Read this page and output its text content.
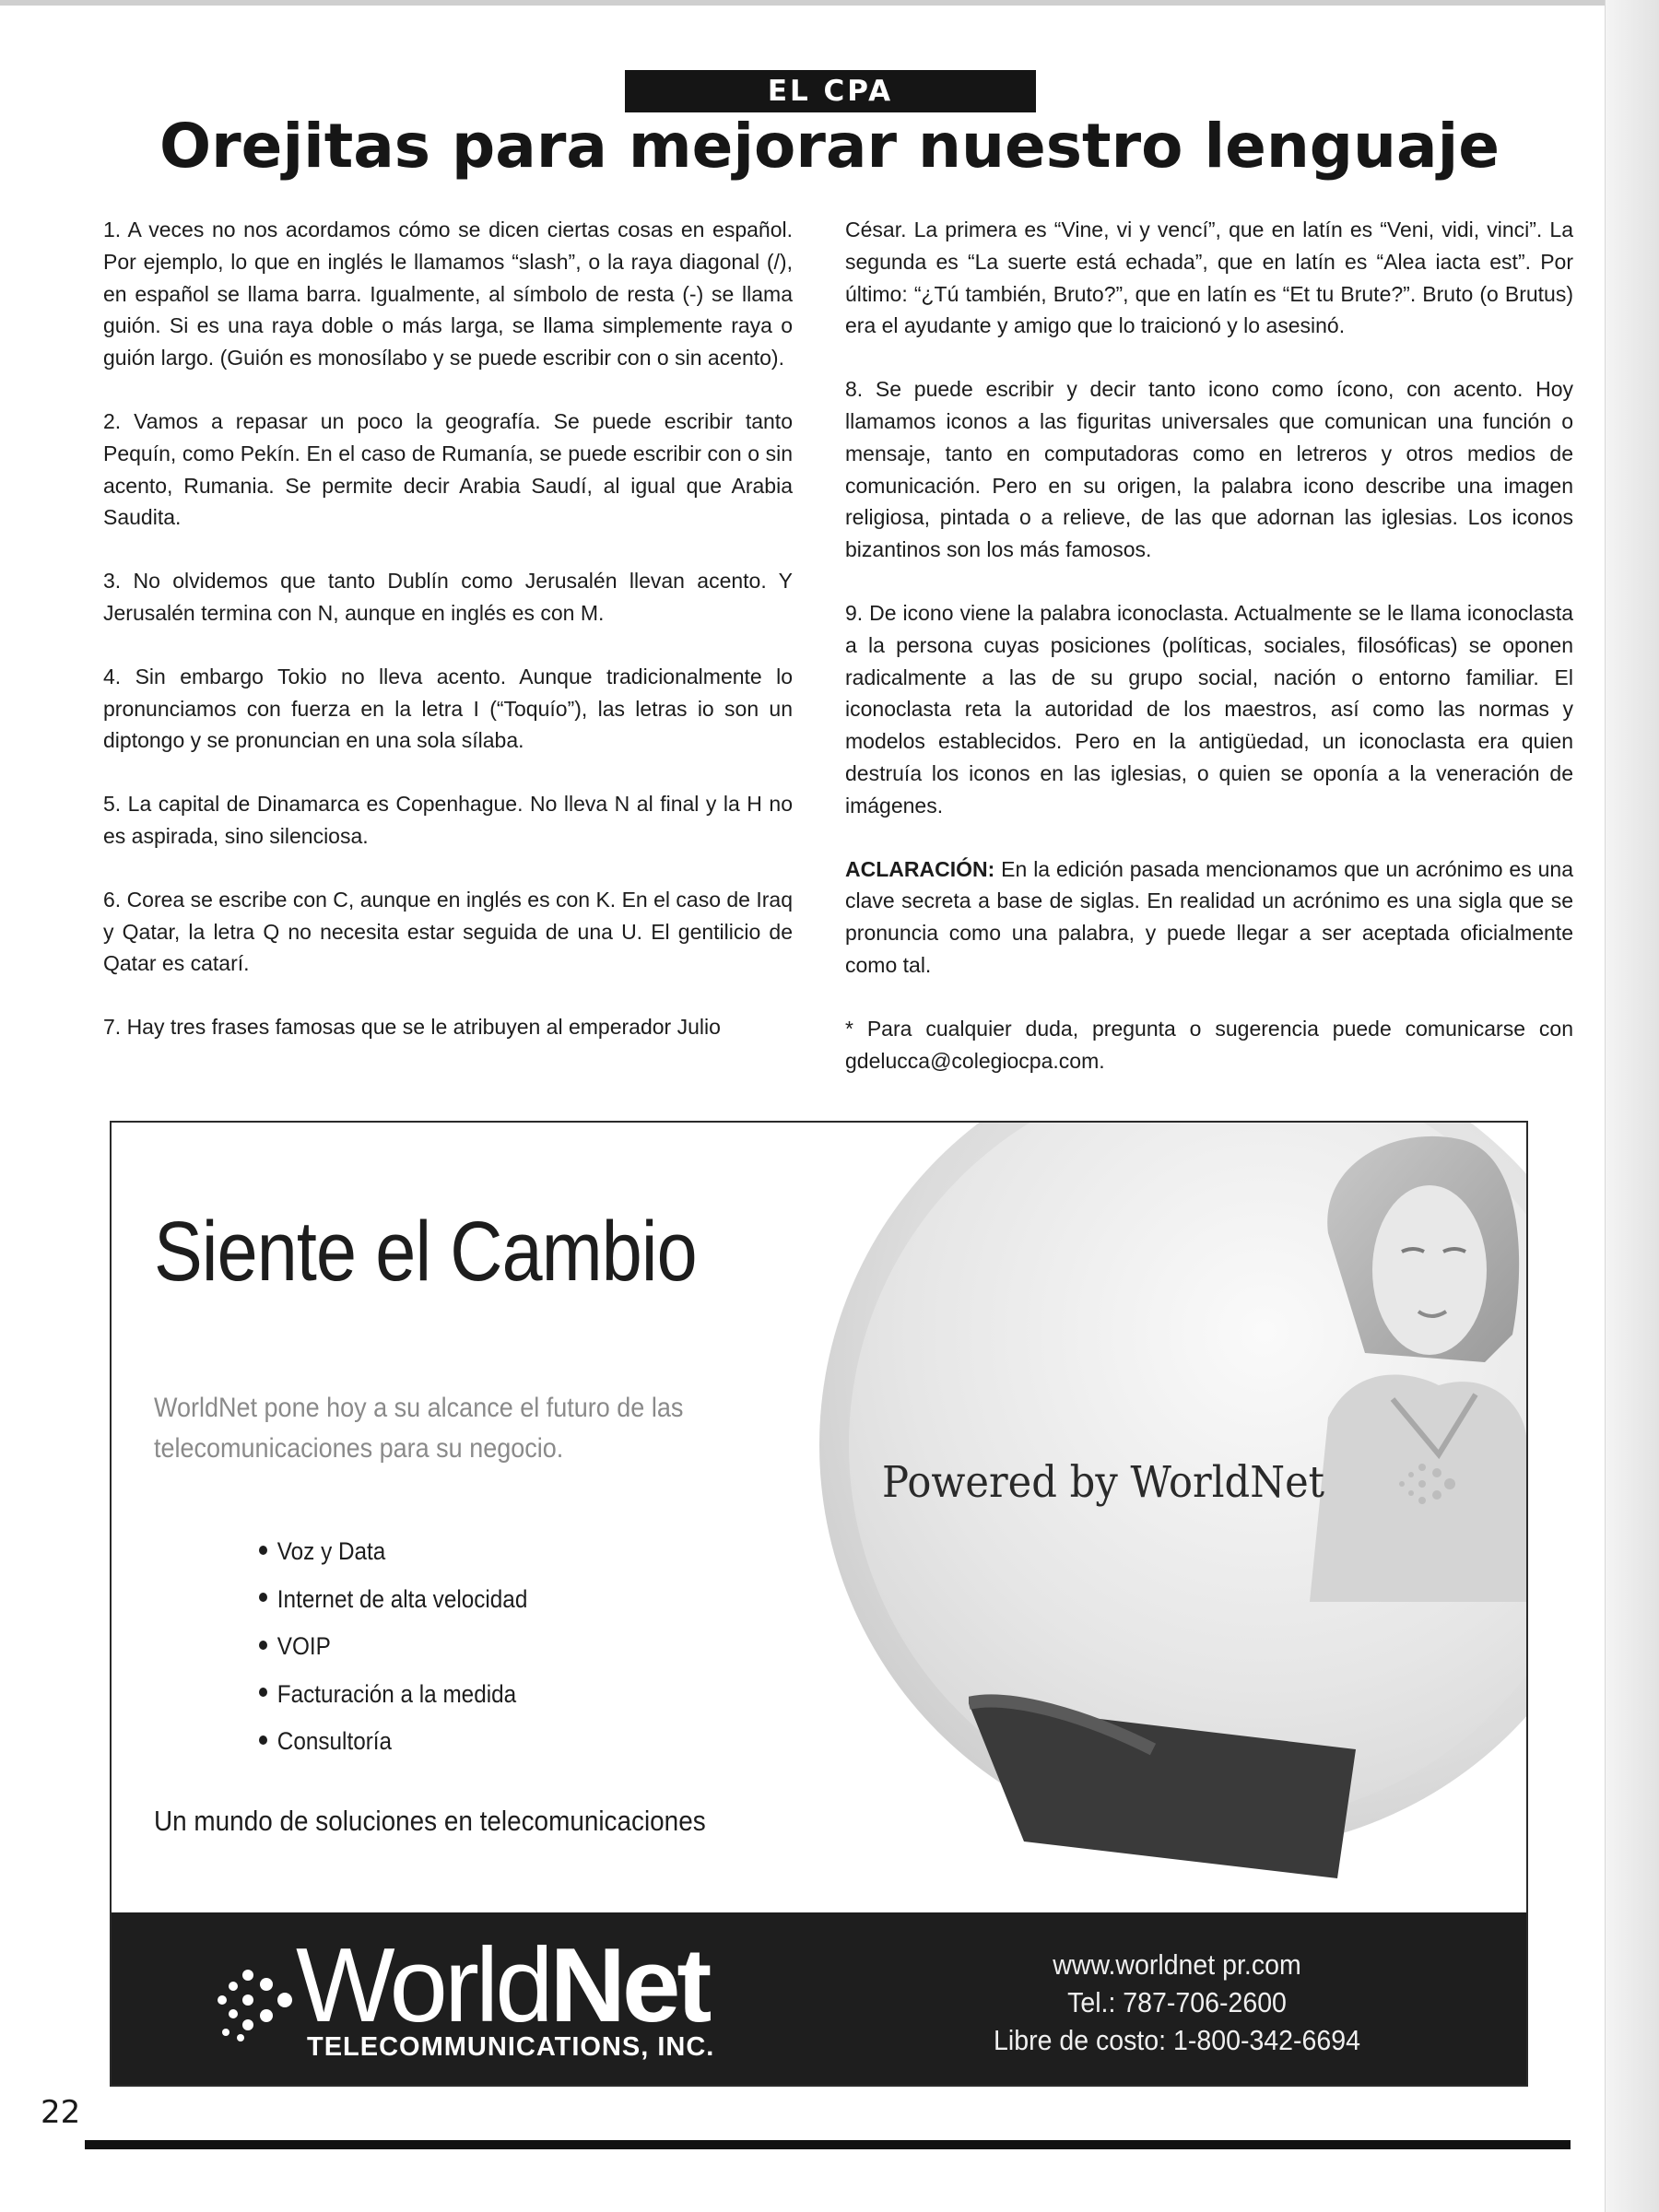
EL CPA
Orejitas para mejorar nuestro lenguaje

1. A veces no nos acordamos cómo se dicen ciertas cosas en español. Por ejemplo, lo que en inglés le llamamos “slash”, o la raya diagonal (/), en español se llama barra. Igualmente, al símbolo de resta (-) se llama guión. Si es una raya doble o más larga, se llama simplemente raya o guión largo. (Guión es monosílabo y se puede escribir con o sin acento).

2. Vamos a repasar un poco la geografía. Se puede escribir tanto Pequín, como Pekín. En el caso de Rumanía, se puede escribir con o sin acento, Rumania. Se permite decir Arabia Saudí, al igual que Arabia Saudita.

3. No olvidemos que tanto Dublín como Jerusalén llevan acento. Y Jerusalén termina con N, aunque en inglés es con M.

4. Sin embargo Tokio no lleva acento. Aunque tradicionalmente lo pronunciamos con fuerza en la letra I (“Toquío”), las letras io son un diptongo y se pronuncian en una sola sílaba.

5. La capital de Dinamarca es Copenhague. No lleva N al final y la H no es aspirada, sino silenciosa.

6. Corea se escribe con C, aunque en inglés es con K. En el caso de Iraq y Qatar, la letra Q no necesita estar seguida de una U. El gentilicio de Qatar es catarí.

7. Hay tres frases famosas que se le atribuyen al emperador Julio

César. La primera es “Vine, vi y vencí”, que en latín es “Veni, vidi, vinci”. La segunda es “La suerte está echada”, que en latín es “Alea iacta est”. Por último: “¿Tú también, Bruto?”, que en latín es “Et tu Brute?”. Bruto (o Brutus) era el ayudante y amigo que lo traicionó y lo asesinó.

8. Se puede escribir y decir tanto icono como ícono, con acento. Hoy llamamos iconos a las figuritas universales que comunican una función o mensaje, tanto en computadoras como en letreros y otros medios de comunicación. Pero en su origen, la palabra icono describe una imagen religiosa, pintada o a relieve, de las que adornan las iglesias. Los iconos bizantinos son los más famosos.

9. De icono viene la palabra iconoclasta. Actualmente se le llama iconoclasta a la persona cuyas posiciones (políticas, sociales, filosóficas) se oponen radicalmente a las de su grupo social, nación o entorno familiar. El iconoclasta reta la autoridad de los maestros, así como las normas y modelos establecidos. Pero en la antigüedad, un iconoclasta era quien destruía los iconos en las iglesias, o quien se oponía a la veneración de imágenes.

ACLARACIÓN: En la edición pasada mencionamos que un acrónimo es una clave secreta a base de siglas. En realidad un acrónimo es una sigla que se pronuncia como una palabra, y puede llegar a ser aceptada oficialmente como tal.

* Para cualquier duda, pregunta o sugerencia puede comunicarse con gdelucca@colegiocpa.com.

Siente el Cambio
WorldNet pone hoy a su alcance el futuro de las telecomunicaciones para su negocio.
Voz y Data
Internet de alta velocidad
VOIP
Facturación a la medida
Consultoría
Un mundo de soluciones en telecomunicaciones
Powered by WorldNet
WorldNet
TELECOMMUNICATIONS, INC.
www.worldnet pr.com
Tel.: 787-706-2600
Libre de costo: 1-800-342-6694
22
